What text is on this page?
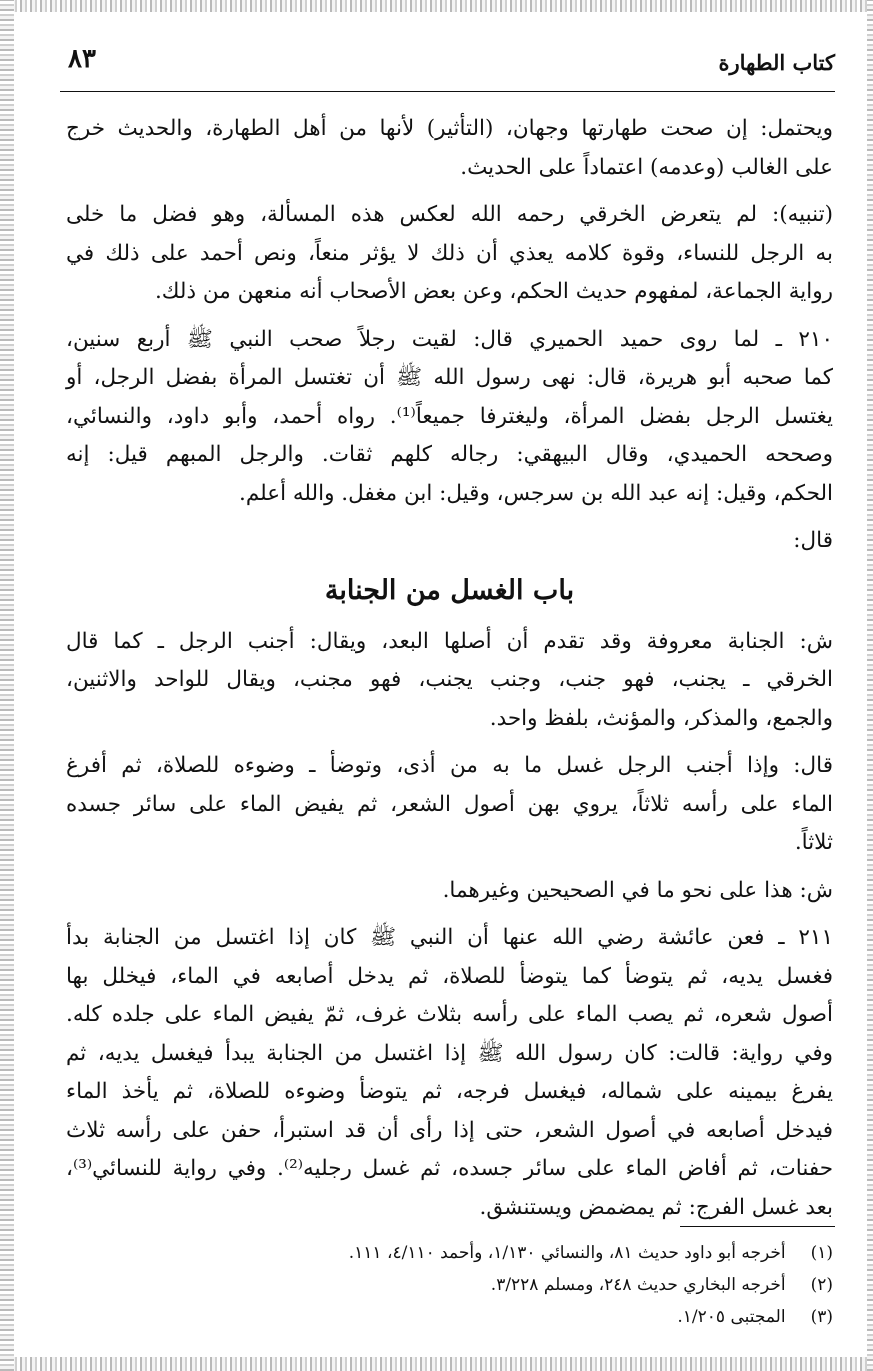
كتاب الطهارة
٨٣
ويحتمل: إن صحت طهارتها وجهان، (التأثير) لأنها من أهل الطهارة، والحديث خرج
على الغالب (وعدمه) اعتماداً على الحديث.
(تنبيه): لم يتعرض الخرقي رحمه الله لعكس هذه المسألة، وهو فضل ما خلى
به الرجل للنساء، وقوة كلامه يعذي أن ذلك لا يؤثر منعاً، ونص أحمد على ذلك في
رواية الجماعة، لمفهوم حديث الحكم، وعن بعض الأصحاب أنه منعهن من ذلك.
٢١٠ ـ لما روى حميد الحميري قال: لقيت رجلاً صحب النبي ﷺ أربع سنين،
كما صحبه أبو هريرة، قال: نهى رسول الله ﷺ أن تغتسل المرأة بفضل الرجل، أو
يغتسل الرجل بفضل المرأة، وليغترفا جميعاً⁽¹⁾. رواه أحمد، وأبو داود، والنسائي،
وصححه الحميدي، وقال البيهقي: رجاله كلهم ثقات. والرجل المبهم قيل: إنه
الحكم، وقيل: إنه عبد الله بن سرجس، وقيل: ابن مغفل. والله أعلم.
قال:
باب الغسل من الجنابة
ش: الجنابة معروفة وقد تقدم أن أصلها البعد، ويقال: أجنب الرجل ـ كما قال
الخرقي ـ يجنب، فهو جنب، وجنب يجنب، فهو مجنب، ويقال للواحد والاثنين،
والجمع، والمذكر، والمؤنث، بلفظ واحد.
قال: وإذا أجنب الرجل غسل ما به من أذى، وتوضأ ـ وضوءه للصلاة، ثم أفرغ
الماء على رأسه ثلاثاً، يروي بهن أصول الشعر، ثم يفيض الماء على سائر جسده
ثلاثاً.
ش: هذا على نحو ما في الصحيحين وغيرهما.
٢١١ ـ فعن عائشة رضي الله عنها أن النبي ﷺ كان إذا اغتسل من الجنابة بدأ
فغسل يديه، ثم يتوضأ كما يتوضأ للصلاة، ثم يدخل أصابعه في الماء، فيخلل بها
أصول شعره، ثم يصب الماء على رأسه بثلاث غرف، ثمّ يفيض الماء على جلده كله.
وفي رواية: قالت: كان رسول الله ﷺ إذا اغتسل من الجنابة يبدأ فيغسل يديه، ثم
يفرغ بيمينه على شماله، فيغسل فرجه، ثم يتوضأ وضوءه للصلاة، ثم يأخذ الماء
فيدخل أصابعه في أصول الشعر، حتى إذا رأى أن قد استبرأ، حفن على رأسه ثلاث
حفنات، ثم أفاض الماء على سائر جسده، ثم غسل رجليه⁽²⁾. وفي رواية للنسائي⁽³⁾،
بعد غسل الفرج: ثم يمضمض ويستنشق.
(١) أخرجه أبو داود حديث ٨١، والنسائي ١/١٣٠، وأحمد ٤/١١٠، ١١١.
(٢) أخرجه البخاري حديث ٢٤٨، ومسلم ٣/٢٢٨.
(٣) المجتبى ١/٢٠٥.
